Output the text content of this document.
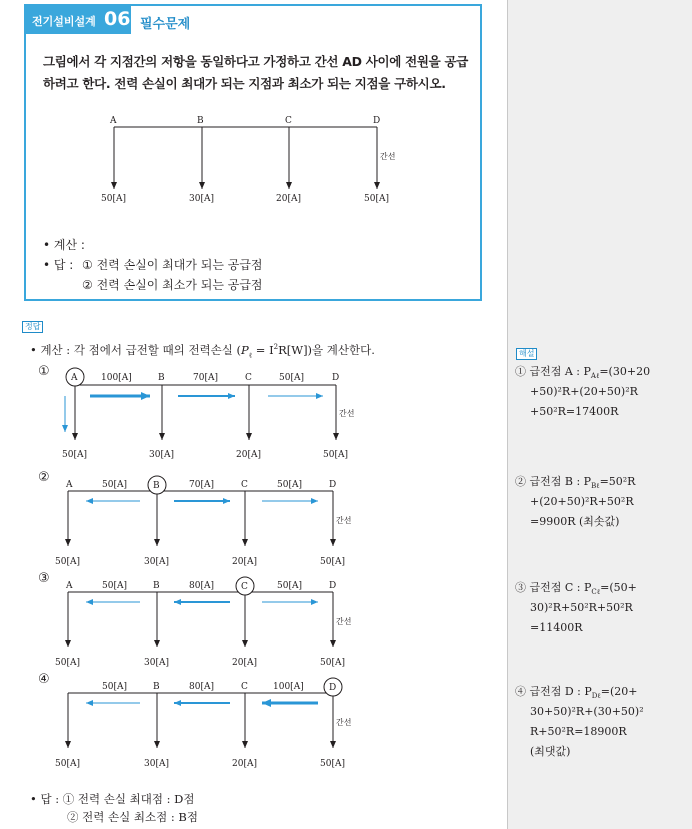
전기설비설계 06 필수문제
그림에서 각 지점간의 저항을 동일하다고 가정하고 간선 AD 사이에 전원을 공급하려고 한다. 전력 손실이 최대가 되는 지점과 최소가 되는 지점을 구하시오.
• 계산 :
• 답 : ① 전력 손실이 최대가 되는 공급점
② 전력 손실이 최소가 되는 공급점
A	B	C	D
간선
50[A]	30[A]	20[A]	50[A]
① A	B	C	D
100[A]	70[A]	50[A]
간선
50[A]	30[A]	20[A]	50[A]
② A	B	C	D
50[A]	70[A]	50[A]
간선
50[A]	30[A]	20[A]	50[A]
③ A	B	C	D
50[A]	80[A]	50[A]
간선
50[A]	30[A]	20[A]	50[A]
④
D
B	C
50[A]	80[A]	100[A]
간선
50[A]	30[A]	20[A]	50[A]
정답
• 계산 : 각 점에서 급전할 때의 전력손실 $(P_\ell = I^2R[W])$을 계산한다.
• 답 : ① 전력 손실 최대점 : D점
② 전력 손실 최소점 : B점
해설
① 급전점 A : $P_{A\ell}=(30+20$
+50)²R+(20+50)²R
+50²R=17400R
② 급전점 B : $P_{B\ell}=50^2R$
+(20+50)²R+50²R
=9900R (최솟값)
③ 급전점 C : $P_{C\ell}=(50+$
30)²R+50²R+50²R
=11400R
④ 급전점 D : $P_{D\ell}=(20+$
30+50)²R+(30+50)²
R+50²R=18900R
(최댓값)
